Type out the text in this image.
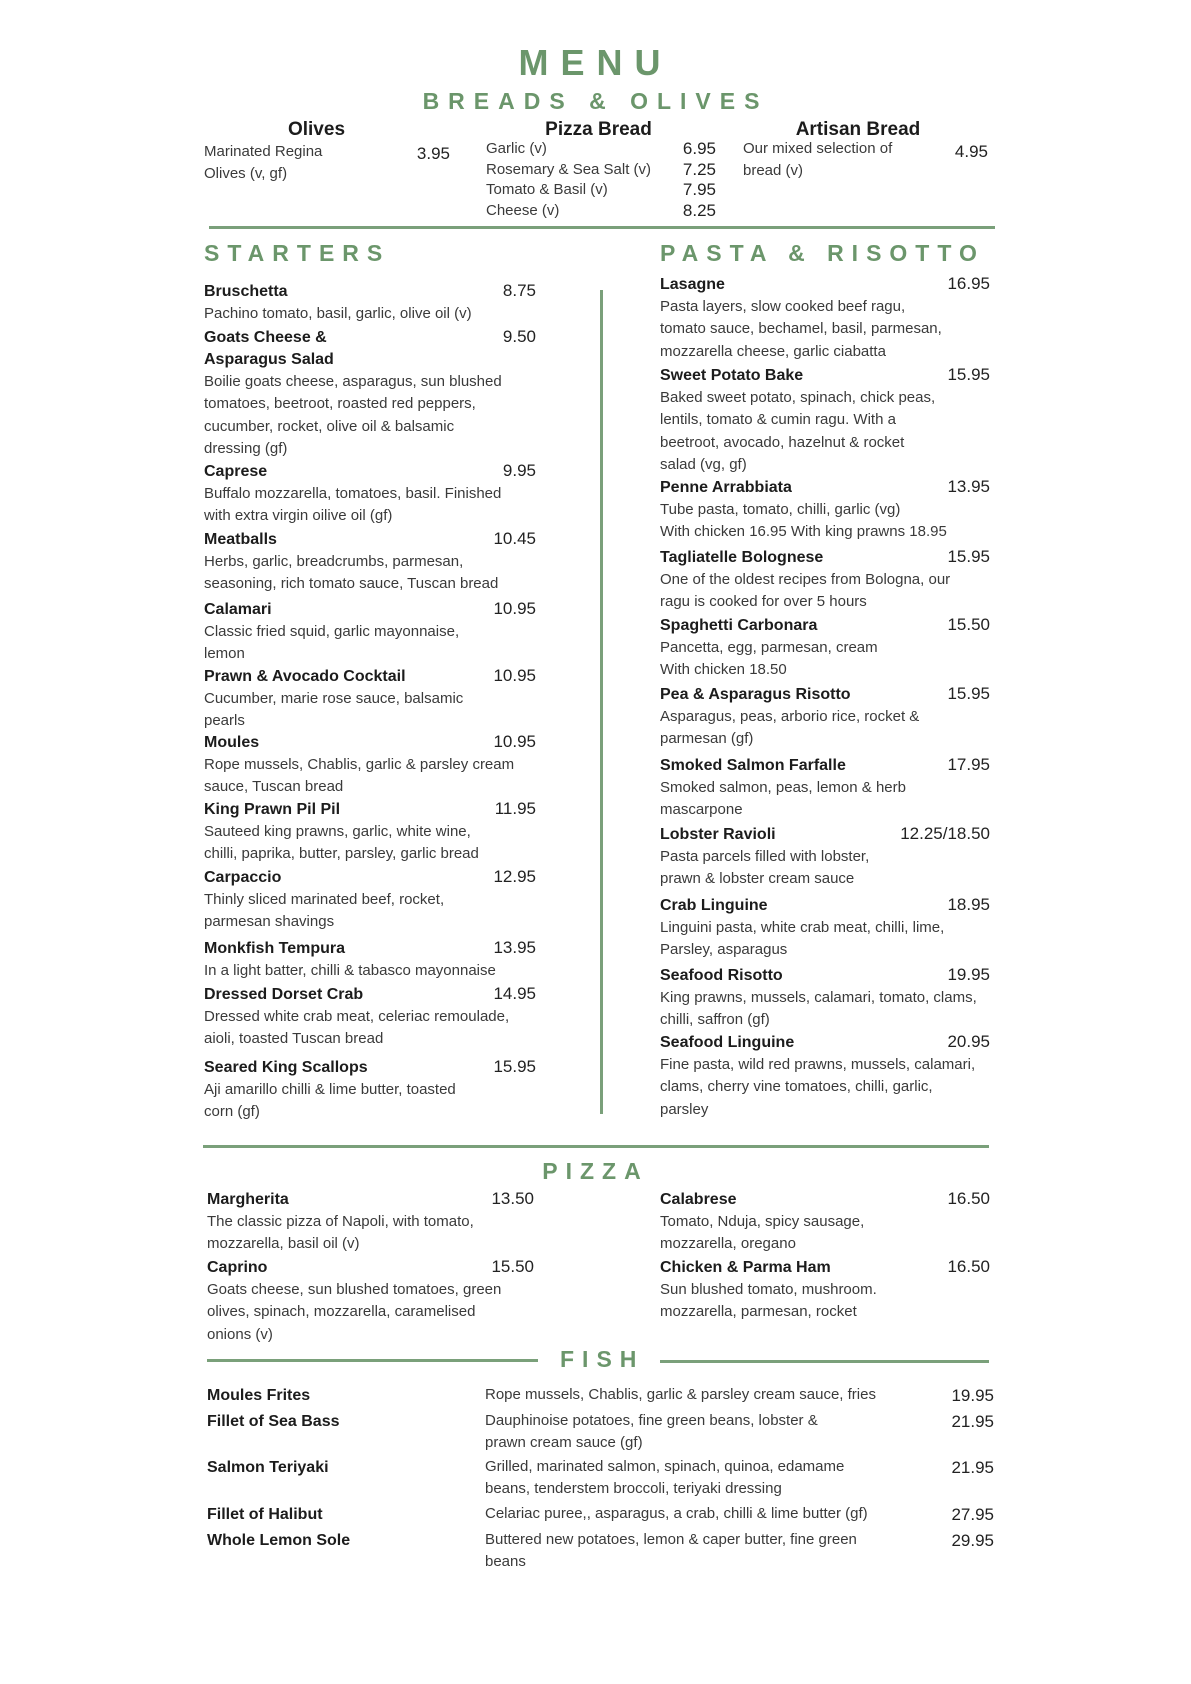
MENU
BREADS & OLIVES
Olives
Marinated Regina
Olives (v, gf)
3.95
Pizza Bread
Garlic (v)	6.95
Rosemary & Sea Salt (v) 7.25
Tomato & Basil (v)	7.95
Cheese (v)	8.25
Artisan Bread
Our mixed selection of
bread (v)
4.95
STARTERS	PASTA & RISOTTO
PIZZA
FISH
Bruschetta	8.75
Pachino tomato, basil, garlic, olive oil (v)
Goats Cheese &
Asparagus Salad
9.50
Boilie goats cheese, asparagus, sun blushed
tomatoes, beetroot, roasted red peppers,
cucumber, rocket, olive oil & balsamic
dressing (gf)
Caprese	9.95
Buffalo mozzarella, tomatoes, basil. Finished
with extra virgin oilive oil (gf)
Meatballs	10.45
Herbs, garlic, breadcrumbs, parmesan,
seasoning, rich tomato sauce, Tuscan bread
Calamari	10.95
Classic fried squid, garlic mayonnaise,
lemon
Prawn & Avocado Cocktail	10.95
Cucumber, marie rose sauce, balsamic
pearls
Moules	10.95
Rope mussels, Chablis, garlic & parsley cream
sauce, Tuscan bread
King Prawn Pil Pil	11.95
Sauteed king prawns, garlic, white wine,
chilli, paprika, butter, parsley, garlic bread
Carpaccio	12.95
Thinly sliced marinated beef, rocket,
parmesan shavings
Monkfish Tempura	13.95
In a light batter, chilli & tabasco mayonnaise
Dressed Dorset Crab	14.95
Dressed white crab meat, celeriac remoulade,
aioli, toasted Tuscan bread
Seared King Scallops	15.95
Aji amarillo chilli & lime butter, toasted
corn (gf)
Lasagne	16.95
Pasta layers, slow cooked beef ragu,
tomato sauce, bechamel, basil, parmesan,
mozzarella cheese, garlic ciabatta
Sweet Potato Bake	15.95
Baked sweet potato, spinach, chick peas,
lentils, tomato & cumin ragu. With a
beetroot, avocado, hazelnut & rocket
salad (vg, gf)
Penne Arrabbiata	13.95
Tube pasta, tomato, chilli, garlic (vg)
With chicken 16.95 With king prawns 18.95
Tagliatelle Bolognese	15.95
One of the oldest recipes from Bologna, our
ragu is cooked for over 5 hours
Spaghetti Carbonara	15.50
Pancetta, egg, parmesan, cream
With chicken 18.50
Pea & Asparagus Risotto	15.95
Asparagus, peas, arborio rice, rocket &
parmesan (gf)
Smoked Salmon Farfalle	17.95
Smoked salmon, peas, lemon & herb
mascarpone
Lobster Ravioli	12.25/18.50
Pasta parcels filled with lobster,
prawn & lobster cream sauce
Crab Linguine	18.95
Linguini pasta, white crab meat, chilli, lime,
Parsley, asparagus
Seafood Risotto	19.95
King prawns, mussels, calamari, tomato, clams,
chilli, saffron (gf)
Seafood Linguine	20.95
Fine pasta, wild red prawns, mussels, calamari,
clams, cherry vine tomatoes, chilli, garlic,
parsley
Margherita	13.50
The classic pizza of Napoli, with tomato,
mozzarella, basil oil (v)
Caprino	15.50
Goats cheese, sun blushed tomatoes, green
olives, spinach, mozzarella, caramelised
onions (v)
Calabrese	16.50
Tomato, Nduja, spicy sausage,
mozzarella, oregano
Chicken & Parma Ham	16.50
Sun blushed tomato, mushroom.
mozzarella, parmesan, rocket
Moules Frites	Rope mussels, Chablis, garlic & parsley cream sauce, fries	19.95
Fillet of Sea Bass	Dauphinoise potatoes, fine green beans, lobster &
prawn cream sauce (gf)
21.95
Salmon Teriyaki	Grilled, marinated salmon, spinach, quinoa, edamame
beans, tenderstem broccoli, teriyaki dressing
21.95
Fillet of Halibut	Celariac puree,, asparagus, a crab, chilli & lime butter (gf)	27.95
Whole Lemon Sole	Buttered new potatoes, lemon & caper butter, fine green
beans
29.95
